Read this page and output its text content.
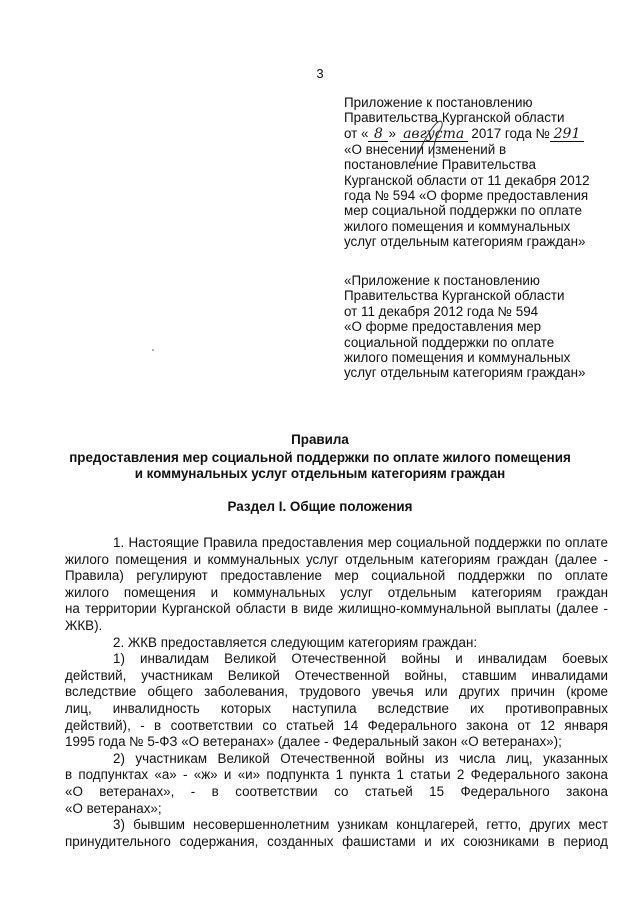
3
Приложение к постановлению
Правительства Курганской области
от « 8 » августа 2017 года № 291
«О внесении изменений в
постановление Правительства
Курганской области от 11 декабря 2012
года № 594 «О форме предоставления
мер социальной поддержки по оплате
жилого помещения и коммунальных
услуг отдельным категориям граждан»
«Приложение к постановлению
Правительства Курганской области
от 11 декабря 2012 года № 594
«О форме предоставления мер
социальной поддержки по оплате
жилого помещения и коммунальных
услуг отдельным категориям граждан»
Правила
предоставления мер социальной поддержки по оплате жилого помещения
и коммунальных услуг отдельным категориям граждан
Раздел I. Общие положения
1. Настоящие Правила предоставления мер социальной поддержки по оплате
жилого помещения и коммунальных услуг отдельным категориям граждан (далее -
Правила) регулируют предоставление мер социальной поддержки по оплате
жилого помещения и коммунальных услуг отдельным категориям граждан
на территории Курганской области в виде жилищно-коммунальной выплаты (далее -
ЖКВ).
2. ЖКВ предоставляется следующим категориям граждан:
1) инвалидам Великой Отечественной войны и инвалидам боевых
действий, участникам Великой Отечественной войны, ставшим инвалидами
вследствие общего заболевания, трудового увечья или других причин (кроме
лиц, инвалидность которых наступила вследствие их противоправных
действий), - в соответствии со статьей 14 Федерального закона от 12 января
1995 года № 5-ФЗ «О ветеранах» (далее - Федеральный закон «О ветеранах»);
2) участникам Великой Отечественной войны из числа лиц, указанных
в подпунктах «а» - «ж» и «и» подпункта 1 пункта 1 статьи 2 Федерального закона
«О ветеранах», - в соответствии со статьей 15 Федерального закона
«О ветеранах»;
3) бывшим несовершеннолетним узникам концлагерей, гетто, других мест
принудительного содержания, созданных фашистами и их союзниками в период
